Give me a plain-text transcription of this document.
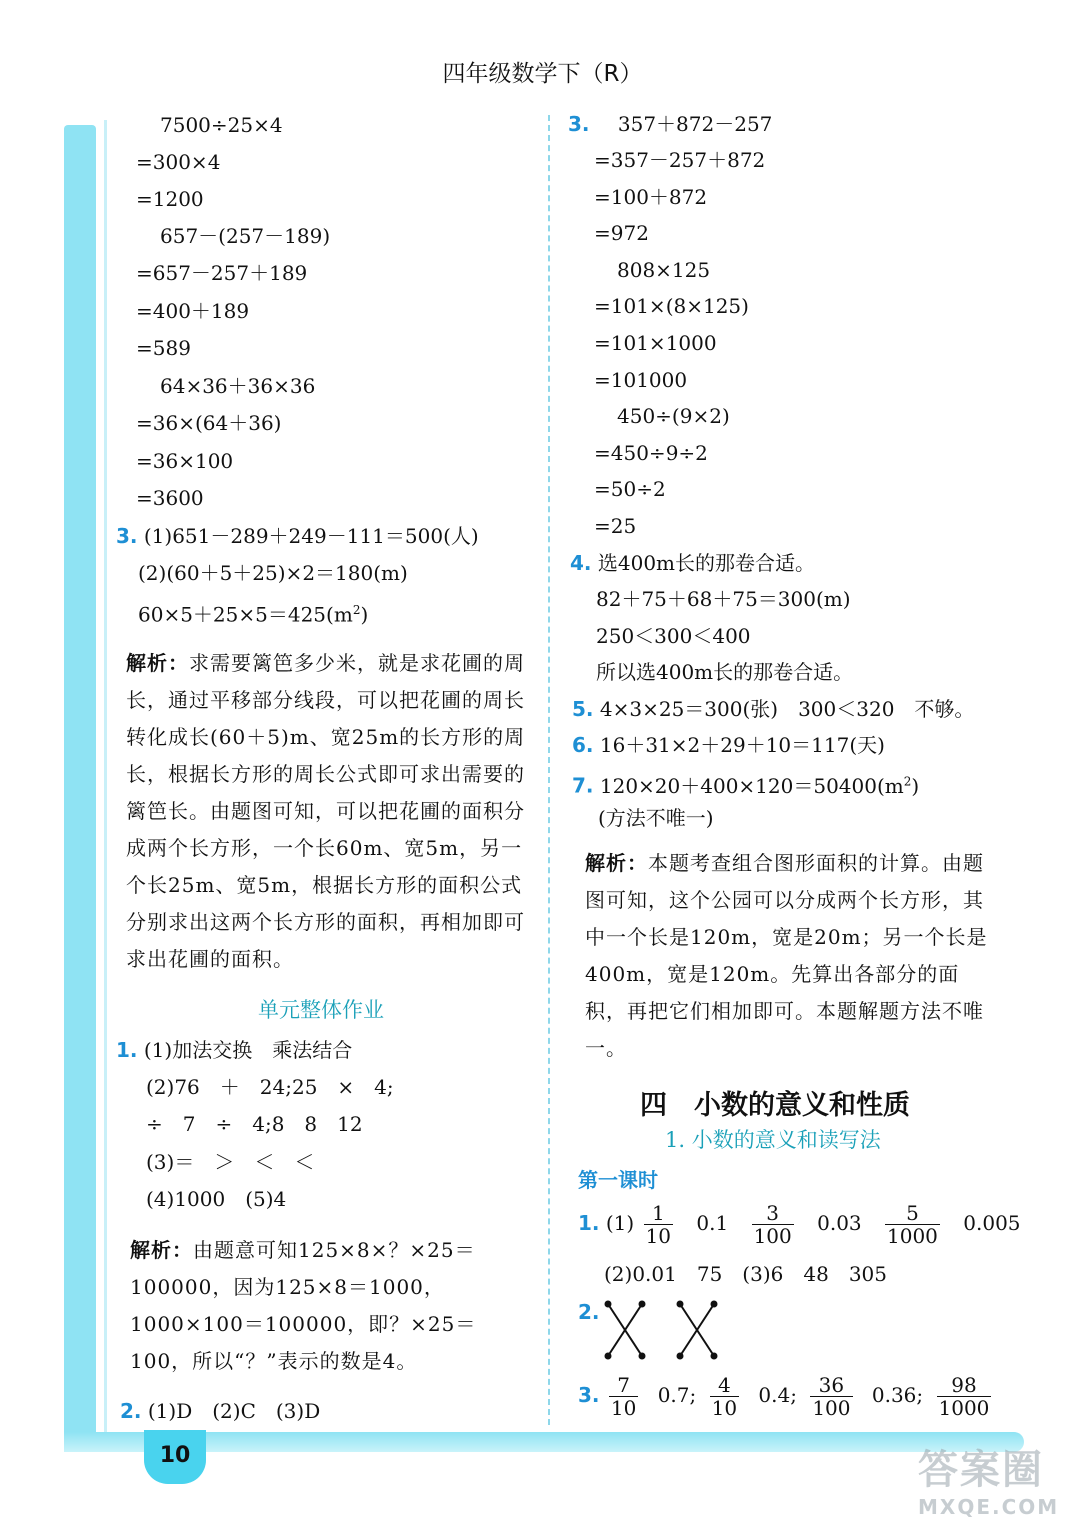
10
四年级数学下（R）
7500÷25×4
=300×4
=1200
657－(257－189)
=657－257＋189
=400＋189
=589
64×36＋36×36
=36×(64＋36)
=36×100
=3600
3. (1)651－289＋249－111＝500(人)
(2)(60＋5＋25)×2＝180(m)
$60\times 5+25\times 5=425(m^2)$
解析：求需要篱笆多少米，就是求花圃的周长，通过平移部分线段，可以把花圃的周长转化成长(60＋5)m、宽25m的长方形的周长，根据长方形的周长公式即可求出需要的篱笆长。由题图可知，可以把花圃的面积分成两个长方形，一个长60m、宽5m，另一个长25m、宽5m，根据长方形的面积公式分别求出这两个长方形的面积，再相加即可求出花圃的面积。
单元整体作业
1. (1)加法交换　乘法结合
(2)76　＋　24;25　×　4;
÷　7　÷　4;8　8　12
(3)＝　＞　＜　＜
(4)1000　(5)4
解析：由题意可知125×8×？×25＝100000，因为125×8＝1000，1000×100＝100000，即？×25＝100，所以“？”表示的数是4。
2. (1)D　(2)C　(3)D
3. 357＋872－257
=357－257＋872
=100＋872
=972
808×125
=101×(8×125)
=101×1000
=101000
450÷(9×2)
=450÷9÷2
=50÷2
=25
4. 选400m长的那卷合适。
82＋75＋68＋75＝300(m)
250＜300＜400
所以选400m长的那卷合适。
5. 4×3×25＝300(张)　300＜320　不够。
6. 16＋31×2＋29＋10＝117(天)
7. $120\times 20+400\times 120=50400(m^2)$
(方法不唯一)
解析：本题考查组合图形面积的计算。由题图可知，这个公园可以分成两个长方形，其中一个长是120m，宽是20m；另一个长是400m，宽是120m。先算出各部分的面积，再把它们相加即可。本题解题方法不唯一。
四　小数的意义和性质
1. 小数的意义和读写法
第一课时
1. $(1) \frac{1}{10} 0.1 \frac{3}{100} 0.03 \frac{5}{1000} 0.005$
(2)0.01　75　(3)6　48　305
2.
3. $\frac{7}{10} 0.7$; $\frac{4}{10} 0.4$; $\frac{36}{100} 0.36$; $\frac{98}{1000}$
答案圈
MXQE.COM
